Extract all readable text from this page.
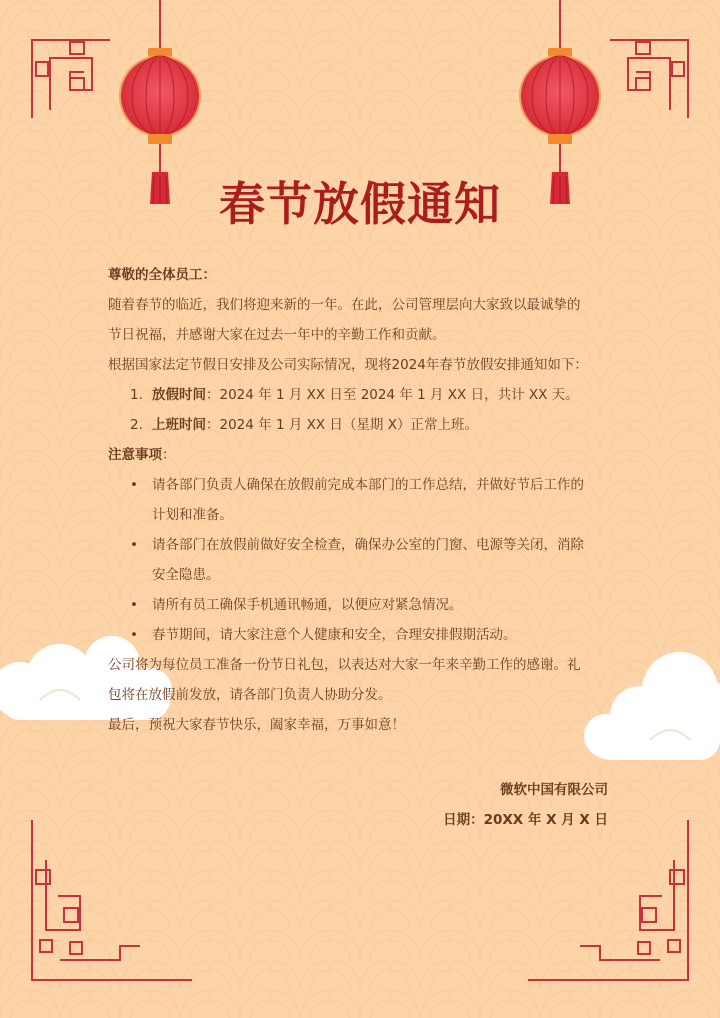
春节放假通知

尊敬的全体员工：

随着春节的临近，我们将迎来新的一年。在此，公司管理层向大家致以最诚挚的

节日祝福，并感谢大家在过去一年中的辛勤工作和贡献。

根据国家法定节假日安排及公司实际情况，现将2024年春节放假安排通知如下：

1. 放假时间：2024 年 1 月 XX 日至 2024 年 1 月 XX 日，共计 XX 天。
2. 上班时间：2024 年 1 月 XX 日（星期 X）正常上班。

注意事项：

• 请各部门负责人确保在放假前完成本部门的工作总结，并做好节后工作的
计划和准备。
• 请各部门在放假前做好安全检查，确保办公室的门窗、电源等关闭，消除
安全隐患。
• 请所有员工确保手机通讯畅通，以便应对紧急情况。
• 春节期间，请大家注意个人健康和安全，合理安排假期活动。

公司将为每位员工准备一份节日礼包，以表达对大家一年来辛勤工作的感谢。礼

包将在放假前发放，请各部门负责人协助分发。

最后，预祝大家春节快乐，阖家幸福，万事如意！

微软中国有限公司
日期：20XX 年 X 月 X 日
